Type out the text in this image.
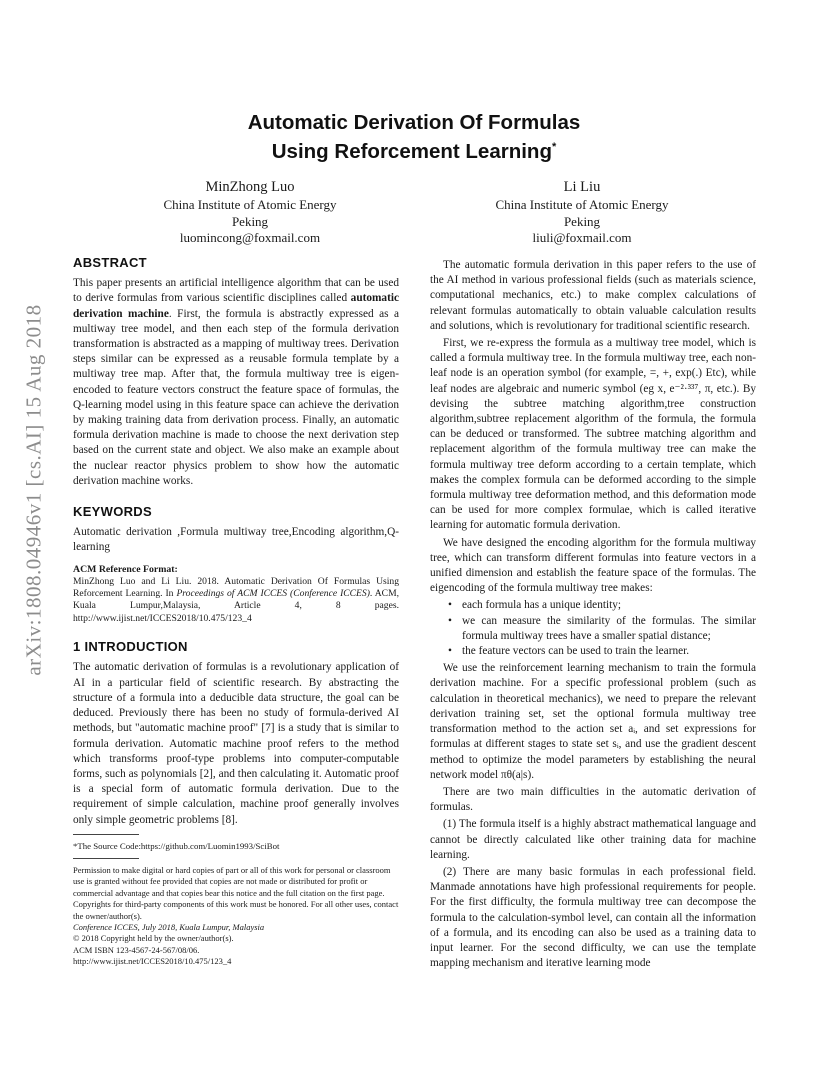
arXiv:1808.04946v1 [cs.AI] 15 Aug 2018
Automatic Derivation Of Formulas
Using Reforcement Learning*
MinZhong Luo
China Institute of Atomic Energy
Peking
luomincong@foxmail.com
Li Liu
China Institute of Atomic Energy
Peking
liuli@foxmail.com
ABSTRACT

This paper presents an artificial intelligence algorithm that can be used to derive formulas from various scientific disciplines called automatic derivation machine. First, the formula is abstractly expressed as a multiway tree model, and then each step of the formula derivation transformation is abstracted as a mapping of multiway trees. Derivation steps similar can be expressed as a reusable formula template by a multiway tree map. After that, the formula multiway tree is eigen-encoded to feature vectors construct the feature space of formulas, the Q-learning model using in this feature space can achieve the derivation by making training data from derivation process. Finally, an automatic formula derivation machine is made to choose the next derivation step based on the current state and object. We also make an example about the nuclear reactor physics problem to show how the automatic derivation machine works.

KEYWORDS

Automatic derivation ,Formula multiway tree,Encoding algorithm,Q-learning

ACM Reference Format:

MinZhong Luo and Li Liu. 2018. Automatic Derivation Of Formulas Using Reforcement Learning. In Proceedings of ACM ICCES (Conference ICCES). ACM, Kuala Lumpur,Malaysia, Article 4, 8 pages. http://www.ijist.net/ICCES2018/10.475/123_4

1 INTRODUCTION

The automatic derivation of formulas is a revolutionary application of AI in a particular field of scientific research. By abstracting the structure of a formula into a deducible data structure, the goal can be deduced. Previously there has been no study of formula-derived AI methods, but "automatic machine proof" [7] is a study that is similar to formula derivation. Automatic machine proof refers to the method which transforms proof-type problems into computer-computable forms, such as polynomials [2], and then calculating it. Automatic proof is a special form of automatic formula derivation. Due to the requirement of simple calculation, machine proof generally involves only simple geometric problems [8].

*The Source Code:https://github.com/Luomin1993/SciBot

Permission to make digital or hard copies of part or all of this work for personal or classroom use is granted without fee provided that copies are not made or distributed for profit or commercial advantage and that copies bear this notice and the full citation on the first page. Copyrights for third-party components of this work must be honored. For all other uses, contact the owner/author(s).
Conference ICCES, July 2018, Kuala Lumpur, Malaysia
© 2018 Copyright held by the owner/author(s).
ACM ISBN 123-4567-24-567/08/06.
http://www.ijist.net/ICCES2018/10.475/123_4

The automatic formula derivation in this paper refers to the use of the AI method in various professional fields (such as materials science, computational mechanics, etc.) to make complex calculations of relevant formulas automatically to obtain valuable calculation results and solutions, which is revolutionary for traditional scientific research.

First, we re-express the formula as a multiway tree model, which is called a formula multiway tree. In the formula multiway tree, each non-leaf node is an operation symbol (for example, =, +, exp(.) Etc), while leaf nodes are algebraic and numeric symbol (eg x, e⁻²·³³⁷, π, etc.). By devising the subtree matching algorithm,tree construction algorithm,subtree replacement algorithm of the formula, the formula can be deduced or transformed. The subtree matching algorithm and replacement algorithm of the formula multiway tree can make the formula multiway tree deform according to a certain template, which makes the complex formula can be deformed according to the simple formula multiway tree deformation method, and this deformation mode can be used for more complex formulae, which is called iterative learning for automatic formula derivation.

We have designed the encoding algorithm for the formula multiway tree, which can transform different formulas into feature vectors in a unified dimension and establish the feature space of the formulas. The eigencoding of the formula multiway tree makes:

• each formula has a unique identity;
• we can measure the similarity of the formulas. The similar formula multiway trees have a smaller spatial distance;
• the feature vectors can be used to train the learner.

We use the reinforcement learning mechanism to train the formula derivation machine. For a specific professional problem (such as calculation in theoretical mechanics), we need to prepare the relevant derivation training set, set the optional formula multiway tree transformation method to the action set aᵢ, and set expressions for formulas at different stages to state set sᵢ, and use the gradient descent method to optimize the model parameters by establishing the neural network model πθ(a|s).

There are two main difficulties in the automatic derivation of formulas.

(1) The formula itself is a highly abstract mathematical language and cannot be directly calculated like other training data for machine learning.

(2) There are many basic formulas in each professional field. Manmade annotations have high professional requirements for people. For the first difficulty, the formula multiway tree can decompose the formula to the calculation-symbol level, can contain all the information of a formula, and its encoding can also be used as a training data to input learner. For the second difficulty, we can use the template mapping mechanism and iterative learning mode
